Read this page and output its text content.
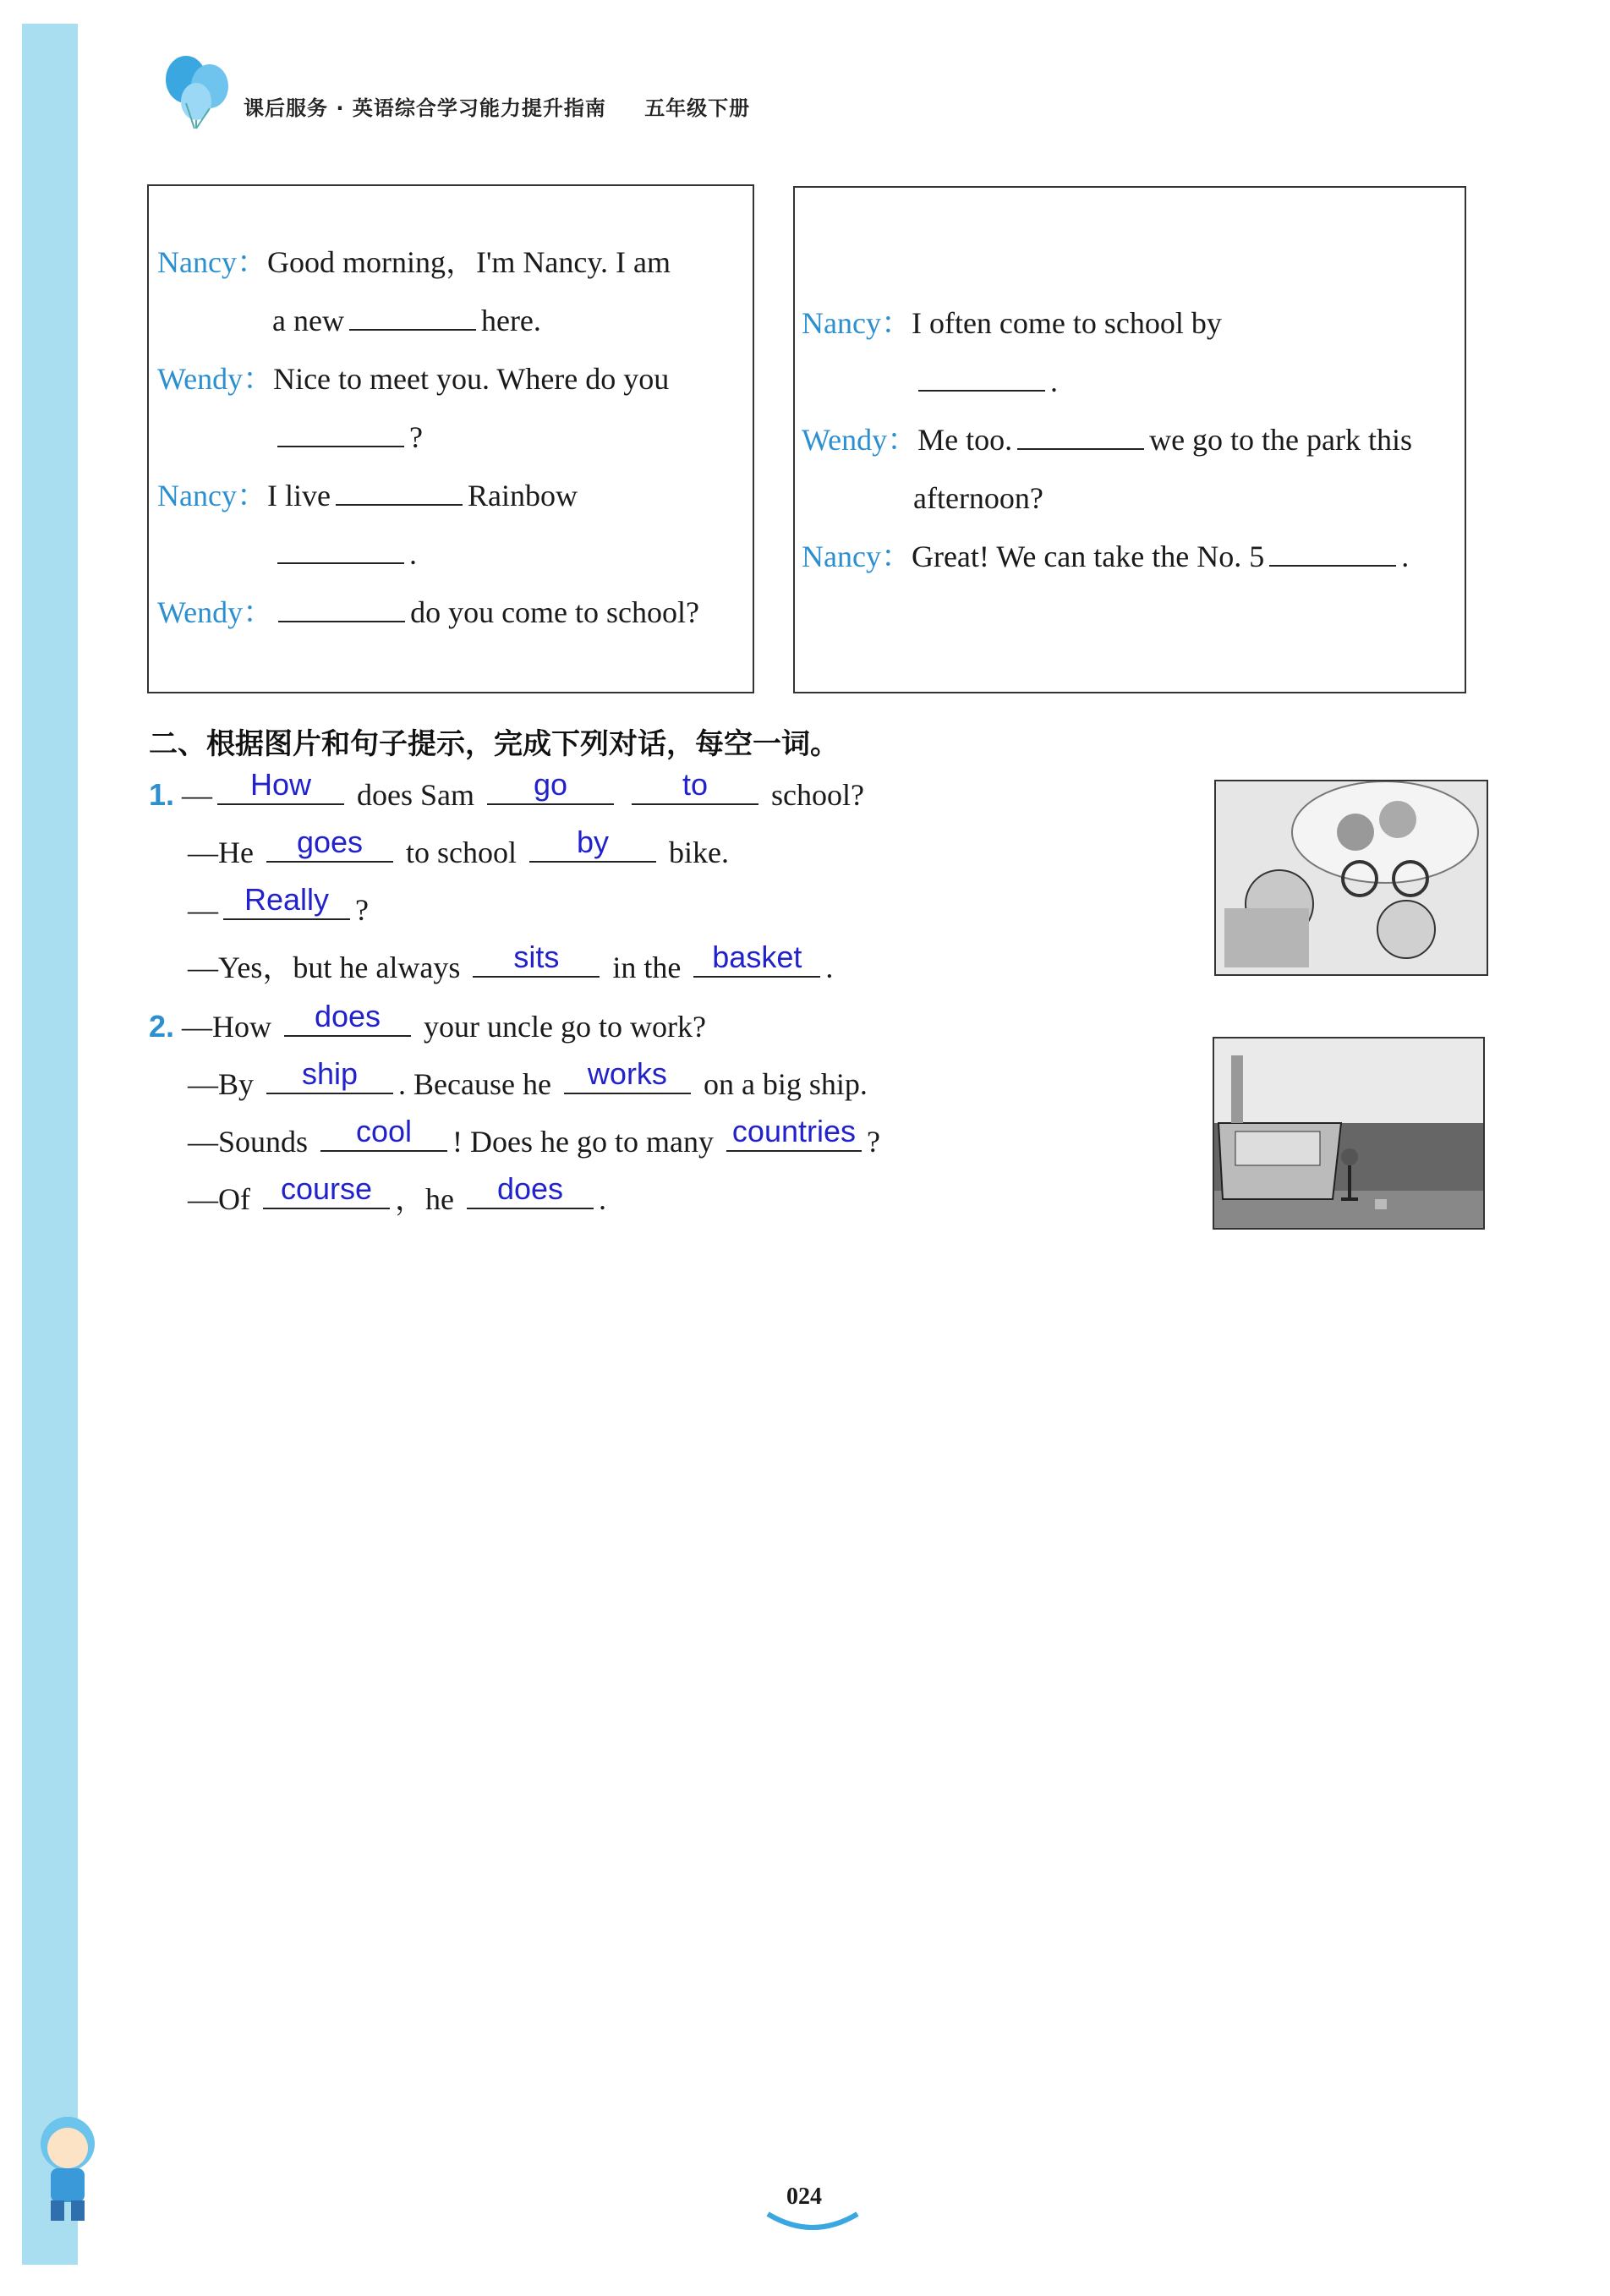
课后服务 · 英语综合学习能力提升指南 五年级下册
Nancy：Good morning，I'm Nancy. I am
a new	here.
Wendy：Nice to meet you. Where do you
?
Nancy：I live	Rainbow
.
Wendy：	do you come to school?
Nancy：I often come to school by
.
Wendy：Me too.	we go to the park this
afternoon?
Nancy：Great! We can take the No. 5	.
二、根据图片和句子提示，完成下列对话，每空一词。
1. —	How	does Sam	go
	to	school?
—He	goes	to school	by	bike.
— Really ?
—Yes，but he always	sits	in the	basket .
2. —How	does	your uncle go to work?
—By	ship	. Because he	works	on a big ship.
—Sounds	cool	! Does he go to many countries ?
—Of course ，he	does	.
024
